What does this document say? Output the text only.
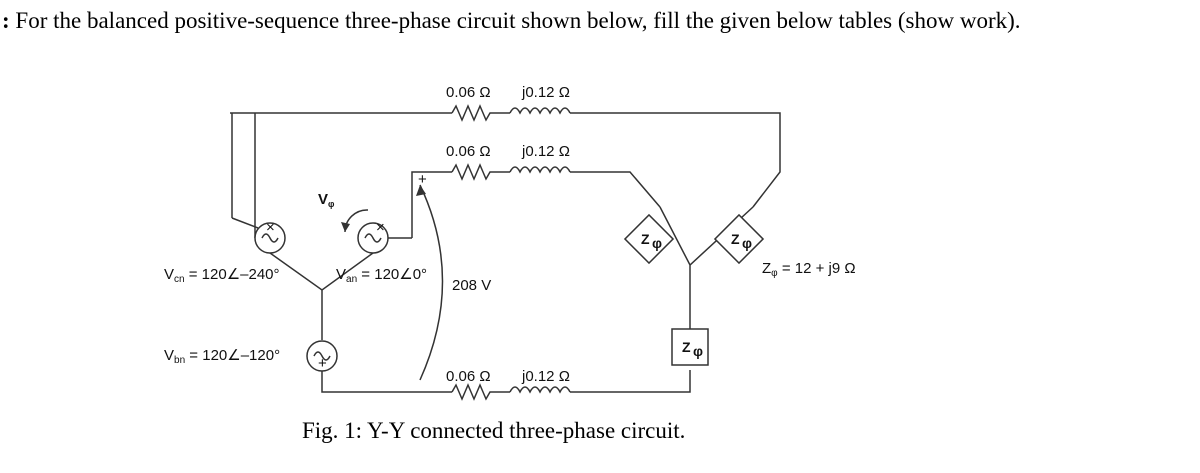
: For the balanced positive-sequence three-phase circuit shown below, fill the given below tables (show work).
×	×
+
+
Z φ	Z φ
Z φ
0.06 Ω j0.12 Ω
0.06 Ω j0.12 Ω
0.06 Ω j0.12 Ω
$V_{cn}$ = 120∠–240°	$V_{an}$ = 120∠0°
$V_{bn}$ = 120∠–120°
$V_\varphi$
208 V
$Z_\varphi = 12 + j9$ Ω
Fig. 1: Y-Y connected three-phase circuit.
